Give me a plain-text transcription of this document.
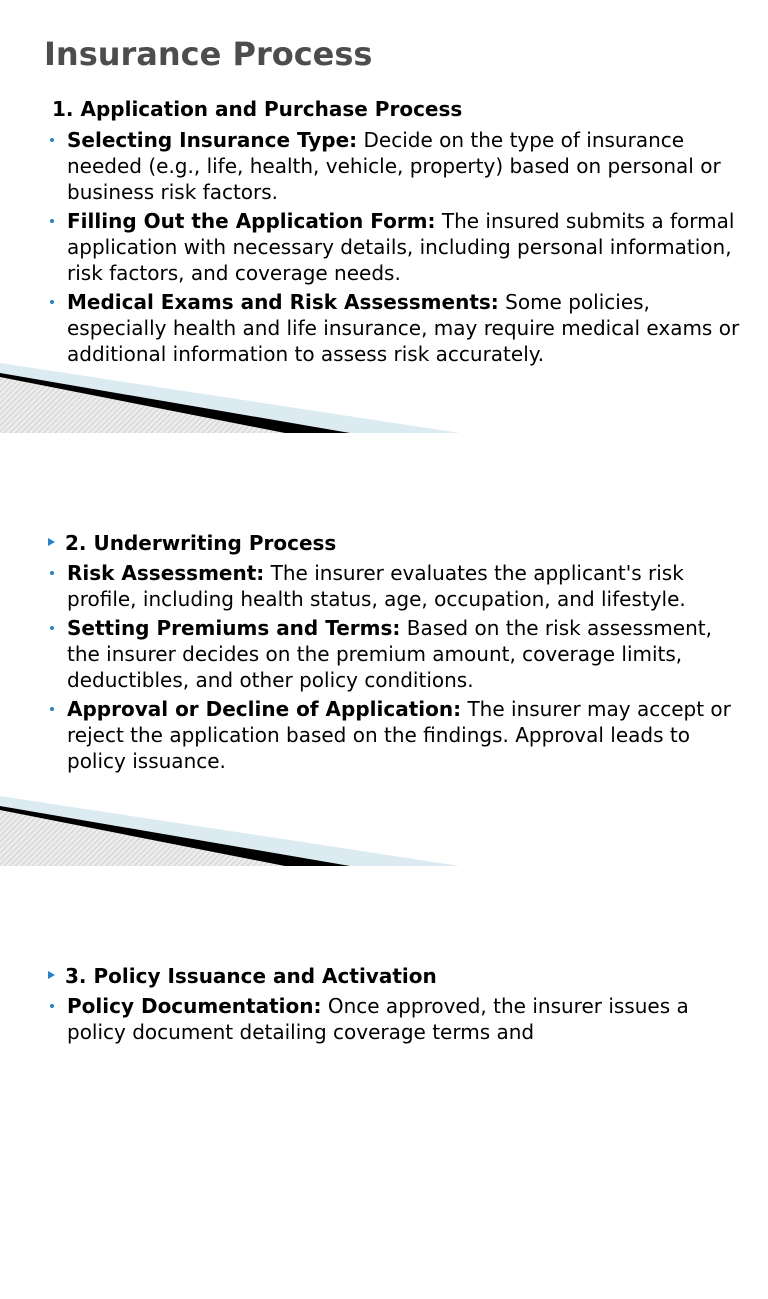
Insurance Process
1. Application and Purchase Process
Selecting Insurance Type: Decide on the type of insurance needed (e.g., life, health, vehicle, property) based on personal or business risk factors.
Filling Out the Application Form: The insured submits a formal application with necessary details, including personal information, risk factors, and coverage needs.
Medical Exams and Risk Assessments: Some policies, especially health and life insurance, may require medical exams or additional information to assess risk accurately.
2. Underwriting Process
Risk Assessment: The insurer evaluates the applicant's risk profile, including health status, age, occupation, and lifestyle.
Setting Premiums and Terms: Based on the risk assessment, the insurer decides on the premium amount, coverage limits, deductibles, and other policy conditions.
Approval or Decline of Application: The insurer may accept or reject the application based on the findings. Approval leads to policy issuance.
3. Policy Issuance and Activation
Policy Documentation: Once approved, the insurer issues a policy document detailing coverage terms and
